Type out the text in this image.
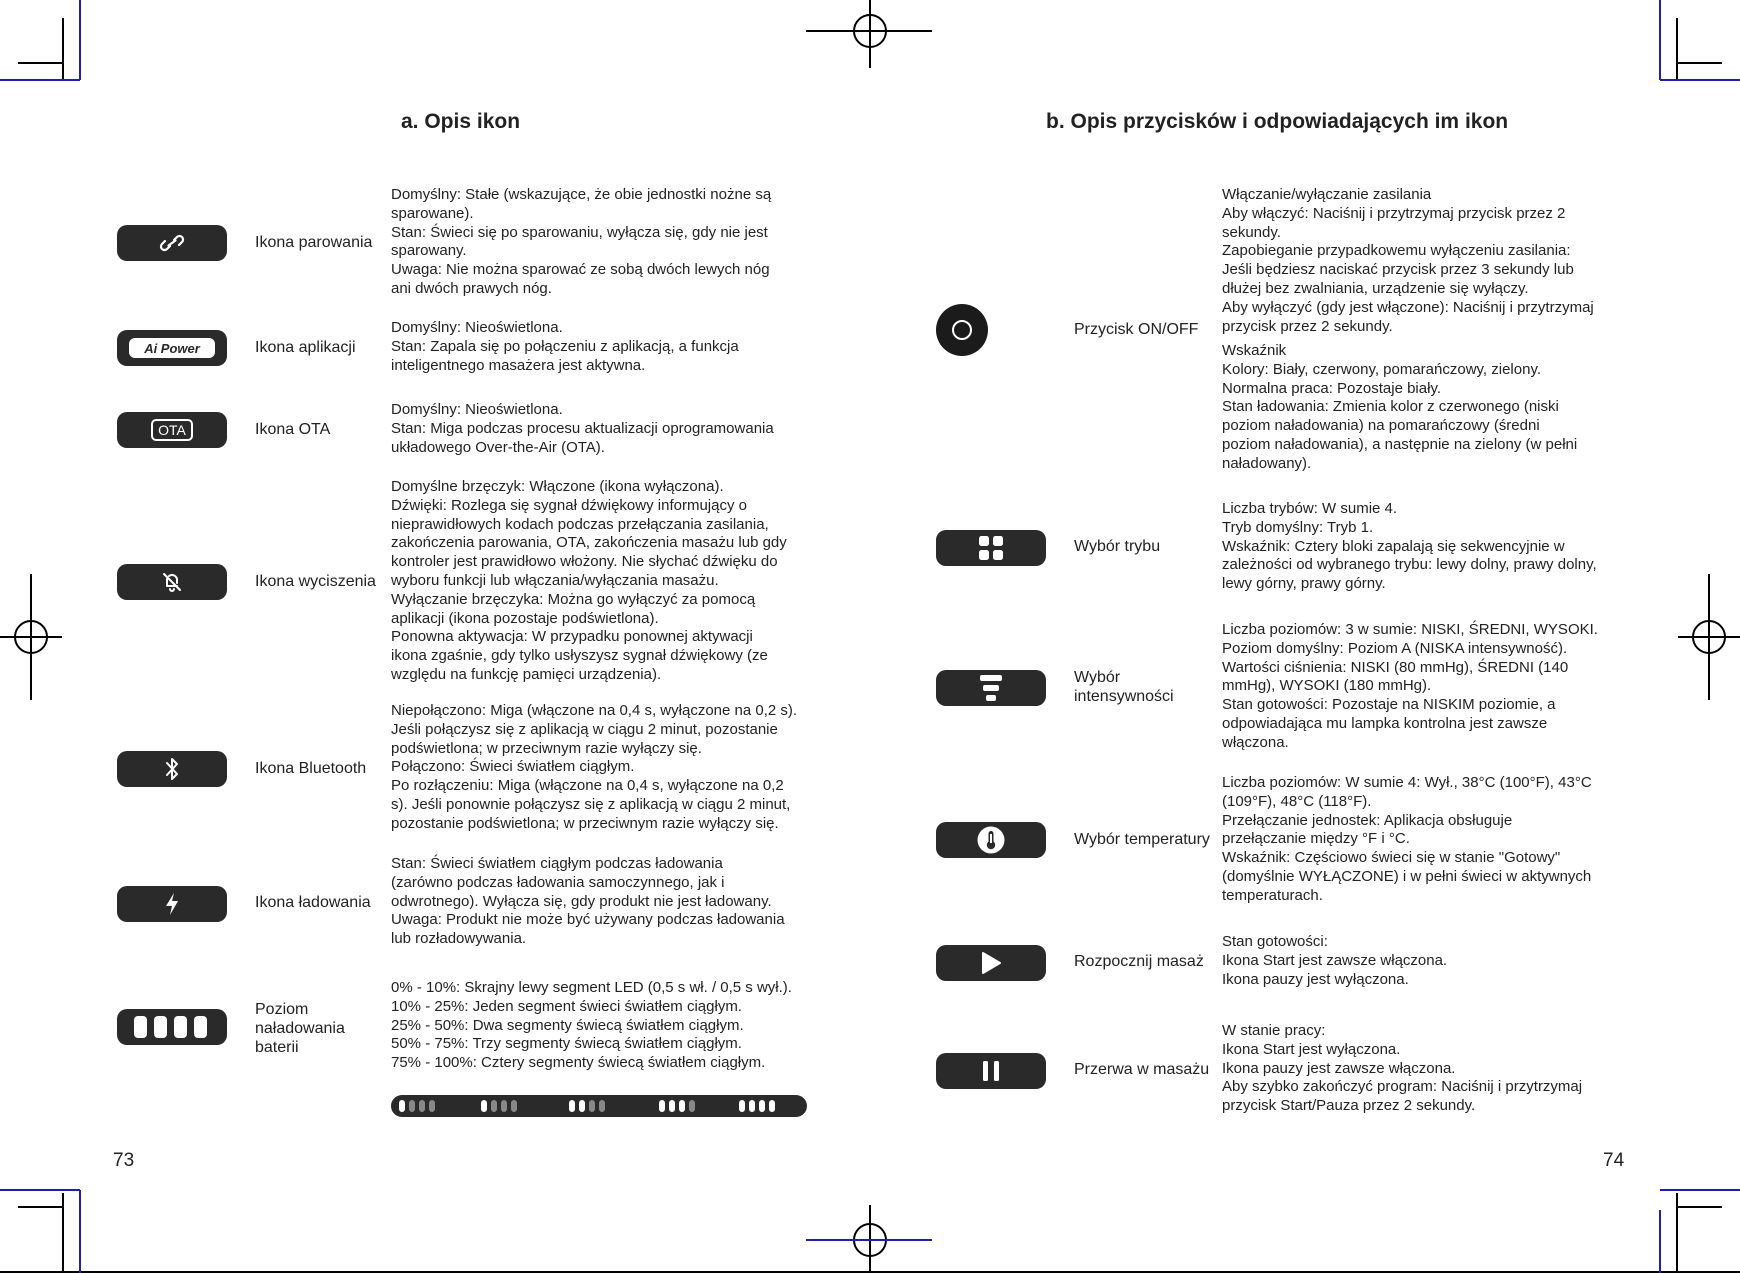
a. Opis ikon	b. Opis przycisków i odpowiadających im ikon
Ikona parowania
Domyślny: Stałe (wskazujące, że obie jednostki nożne są
sparowane).
Stan: Świeci się po sparowaniu, wyłącza się, gdy nie jest
sparowany.
Uwaga: Nie można sparować ze sobą dwóch lewych nóg
ani dwóch prawych nóg.
Ai Power	Ikona aplikacji
Domyślny: Nieoświetlona.
Stan: Zapala się po połączeniu z aplikacją, a funkcja
inteligentnego masażera jest aktywna.
OTA	Ikona OTA
Domyślny: Nieoświetlona.
Stan: Miga podczas procesu aktualizacji oprogramowania
układowego Over-the-Air (OTA).
Ikona wyciszenia
Domyślne brzęczyk: Włączone (ikona wyłączona).
Dźwięki: Rozlega się sygnał dźwiękowy informujący o
nieprawidłowych kodach podczas przełączania zasilania,
zakończenia parowania, OTA, zakończenia masażu lub gdy
kontroler jest prawidłowo włożony. Nie słychać dźwięku do
wyboru funkcji lub włączania/wyłączania masażu.
Wyłączanie brzęczyka: Można go wyłączyć za pomocą
aplikacji (ikona pozostaje podświetlona).
Ponowna aktywacja: W przypadku ponownej aktywacji
ikona zgaśnie, gdy tylko usłyszysz sygnał dźwiękowy (ze
względu na funkcję pamięci urządzenia).
Ikona Bluetooth
Niepołączono: Miga (włączone na 0,4 s, wyłączone na 0,2 s).
Jeśli połączysz się z aplikacją w ciągu 2 minut, pozostanie
podświetlona; w przeciwnym razie wyłączy się.
Połączono: Świeci światłem ciągłym.
Po rozłączeniu: Miga (włączone na 0,4 s, wyłączone na 0,2
s). Jeśli ponownie połączysz się z aplikacją w ciągu 2 minut,
pozostanie podświetlona; w przeciwnym razie wyłączy się.
Ikona ładowania
Stan: Świeci światłem ciągłym podczas ładowania
(zarówno podczas ładowania samoczynnego, jak i
odwrotnego). Wyłącza się, gdy produkt nie jest ładowany.
Uwaga: Produkt nie może być używany podczas ładowania
lub rozładowywania.
Poziom naładowania baterii
0% - 10%: Skrajny lewy segment LED (0,5 s wł. / 0,5 s wył.).
10% - 25%: Jeden segment świeci światłem ciągłym.
25% - 50%: Dwa segmenty świecą światłem ciągłym.
50% - 75%: Trzy segmenty świecą światłem ciągłym.
75% - 100%: Cztery segmenty świecą światłem ciągłym.
73
Przycisk ON/OFF
Włączanie/wyłączanie zasilania
Aby włączyć: Naciśnij i przytrzymaj przycisk przez 2
sekundy.
Zapobieganie przypadkowemu wyłączeniu zasilania:
Jeśli będziesz naciskać przycisk przez 3 sekundy lub
dłużej bez zwalniania, urządzenie się wyłączy.
Aby wyłączyć (gdy jest włączone): Naciśnij i przytrzymaj
przycisk przez 2 sekundy.
Wskaźnik
Kolory: Biały, czerwony, pomarańczowy, zielony.
Normalna praca: Pozostaje biały.
Stan ładowania: Zmienia kolor z czerwonego (niski
poziom naładowania) na pomarańczowy (średni
poziom naładowania), a następnie na zielony (w pełni
naładowany).
Wybór trybu
Liczba trybów: W sumie 4.
Tryb domyślny: Tryb 1.
Wskaźnik: Cztery bloki zapalają się sekwencyjnie w
zależności od wybranego trybu: lewy dolny, prawy dolny,
lewy górny, prawy górny.
Wybór intensywności
Liczba poziomów: 3 w sumie: NISKI, ŚREDNI, WYSOKI.
Poziom domyślny: Poziom A (NISKA intensywność).
Wartości ciśnienia: NISKI (80 mmHg), ŚREDNI (140
mmHg), WYSOKI (180 mmHg).
Stan gotowości: Pozostaje na NISKIM poziomie, a
odpowiadająca mu lampka kontrolna jest zawsze
włączona.
Wybór temperatury
Liczba poziomów: W sumie 4: Wył., 38°C (100°F), 43°C
(109°F), 48°C (118°F).
Przełączanie jednostek: Aplikacja obsługuje
przełączanie między °F i °C.
Wskaźnik: Częściowo świeci się w stanie "Gotowy"
(domyślnie WYŁĄCZONE) i w pełni świeci w aktywnych
temperaturach.
Rozpocznij masaż
Stan gotowości:
Ikona Start jest zawsze włączona.
Ikona pauzy jest wyłączona.
Przerwa w masażu
W stanie pracy:
Ikona Start jest wyłączona.
Ikona pauzy jest zawsze włączona.
Aby szybko zakończyć program: Naciśnij i przytrzymaj
przycisk Start/Pauza przez 2 sekundy.
74
